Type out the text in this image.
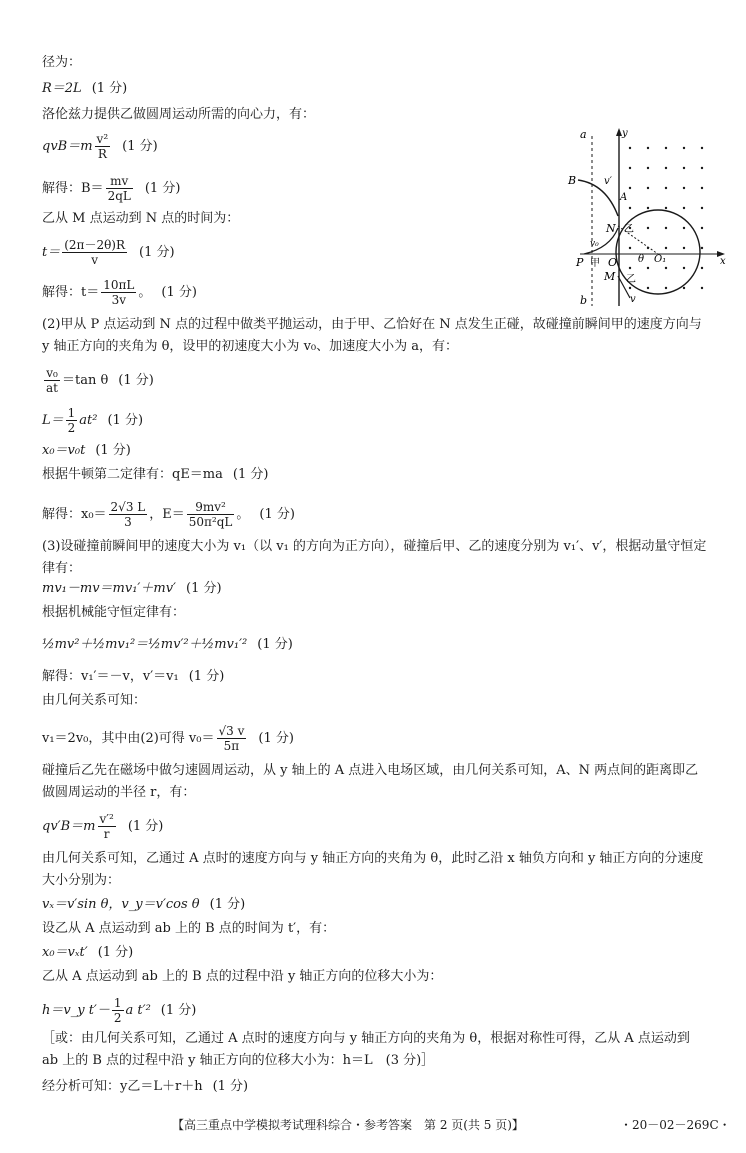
径为：
R＝2L (1 分)
洛伦兹力提供乙做圆周运动所需的向心力，有：
$qvB=m \frac{\text{v²}}{R} (1$ 分)
解得：$B= \frac{mv}{2qL} (1$ 分)
乙从 M 点运动到 N 点的时间为：
$t= \frac{(2\pi-2\theta)R}{v} (1$ 分)
解得：$t= \frac{10\pi L}{3v}$ 。 (1 分)
(2)甲从 P 点运动到 N 点的过程中做类平抛运动，由于甲、乙恰好在 N 点发生正碰，故碰撞前瞬间甲的速度方向与 y 轴正方向的夹角为 θ，设甲的初速度大小为 v₀、加速度大小为 a，有：
$\frac{\text{v₀}}{at} =\tan$ θ (1 分)
$L= \frac{1}{2} at^2$ (1 分)
x₀＝v₀t (1 分)
根据牛顿第二定律有：qE＝ma (1 分)
解得：$x_0= \frac{2√3 L}{3}$ ，$E= \frac{\text{9mv²}}{\text{50π²qL}}$ 。 (1 分)
(3)设碰撞前瞬间甲的速度大小为 v₁（以 v₁ 的方向为正方向），碰撞后甲、乙的速度分别为 v₁′、v′，根据动量守恒定律有：
mv₁－mv＝mv₁′＋mv′ (1 分)
根据机械能守恒定律有：
½mv²＋½mv₁²＝½mv′²＋½mv₁′² (1 分)
解得：v₁′＝－v，v′＝v₁ (1 分)
由几何关系可知：
v₁＝2v₀，其中由(2)可得 $v_0= \frac{√3 v}{5\pi} (1$ 分)
碰撞后乙先在磁场中做匀速圆周运动，从 y 轴上的 A 点进入电场区域，由几何关系可知，A、N 两点间的距离即乙做圆周运动的半径 r，有：
$qv'B=m \frac{\text{v′²}}{r} (1$ 分)
由几何关系可知，乙通过 A 点时的速度方向与 y 轴正方向的夹角为 θ，此时乙沿 x 轴负方向和 y 轴正方向的分速度大小分别为：
vₓ＝v′sin θ，v_y＝v′cos θ (1 分)
设乙从 A 点运动到 ab 上的 B 点的时间为 t′，有：
x₀＝vₓt′ (1 分)
乙从 A 点运动到 ab 上的 B 点的过程中沿 y 轴正方向的位移大小为：
h＝v_y $t'- \frac{1}{2}$ a t′² (1 分)
［或：由几何关系可知，乙通过 A 点时的速度方向与 y 轴正方向的夹角为 θ，根据对称性可得，乙从 A 点运动到 ab 上的 B 点的过程中沿 y 轴正方向的位移大小为：h＝L　(3 分)］
经分析可知：y乙＝L＋r＋h (1 分)
a
b
y
x
B	v′
A
N 乙
v₀
P 甲 O θ O₁
M 乙
v
【高三重点中学模拟考试理科综合・参考答案　第 2 页(共 5 页)】	・20－02－269C・
